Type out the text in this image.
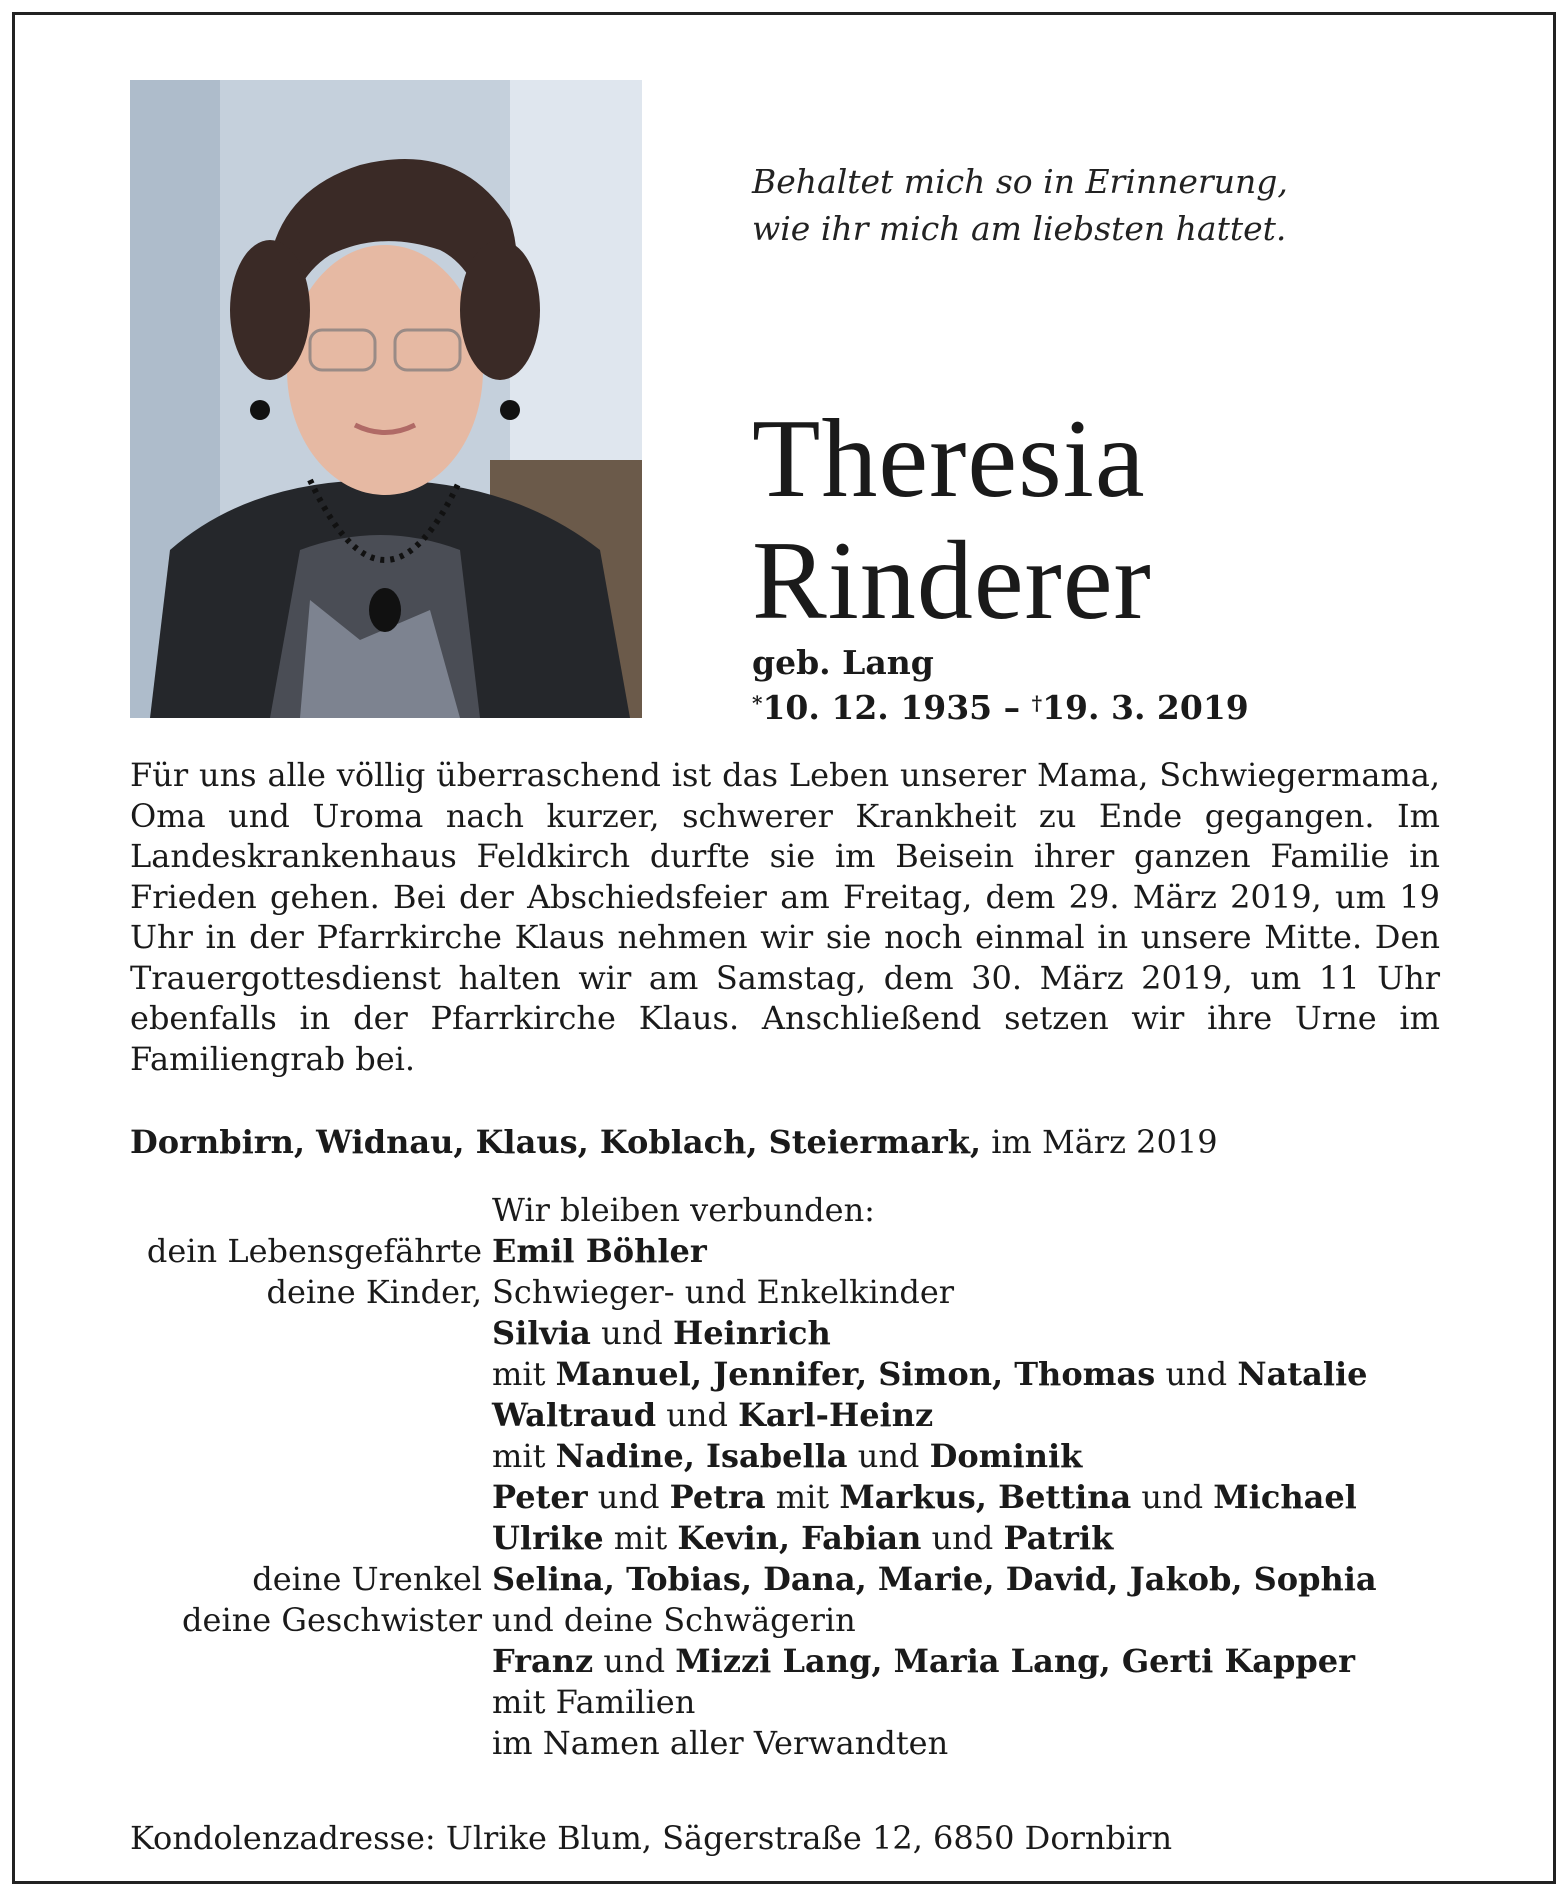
Behaltet mich so in Erinnerung,
wie ihr mich am liebsten hattet.
Theresia
Rinderer
geb. Lang
*10. 12. 1935 – †19. 3. 2019
Für uns alle völlig überraschend ist das Leben unserer Mama, Schwiegermama, Oma und Uroma nach kurzer, schwerer Krankheit zu Ende gegangen. Im Landeskrankenhaus Feldkirch durfte sie im Beisein ihrer ganzen Familie in Frieden gehen. Bei der Abschiedsfeier am Freitag, dem 29. März 2019, um 19 Uhr in der Pfarrkirche Klaus nehmen wir sie noch einmal in unsere Mitte. Den Trauergottesdienst halten wir am Samstag, dem 30. März 2019, um 11 Uhr ebenfalls in der Pfarrkirche Klaus. Anschließend setzen wir ihre Urne im Familiengrab bei.
Dornbirn, Widnau, Klaus, Koblach, Steiermark, im März 2019
Wir bleiben verbunden:
dein Lebensgefährte Emil Böhler
deine Kinder, Schwieger- und Enkelkinder
Silvia und Heinrich
mit Manuel, Jennifer, Simon, Thomas und Natalie
Waltraud und Karl-Heinz
mit Nadine, Isabella und Dominik
Peter und Petra mit Markus, Bettina und Michael
Ulrike mit Kevin, Fabian und Patrik
deine Urenkel Selina, Tobias, Dana, Marie, David, Jakob, Sophia
deine Geschwister und deine Schwägerin
Franz und Mizzi Lang, Maria Lang, Gerti Kapper
mit Familien
im Namen aller Verwandten
Kondolenzadresse: Ulrike Blum, Sägerstraße 12, 6850 Dornbirn
